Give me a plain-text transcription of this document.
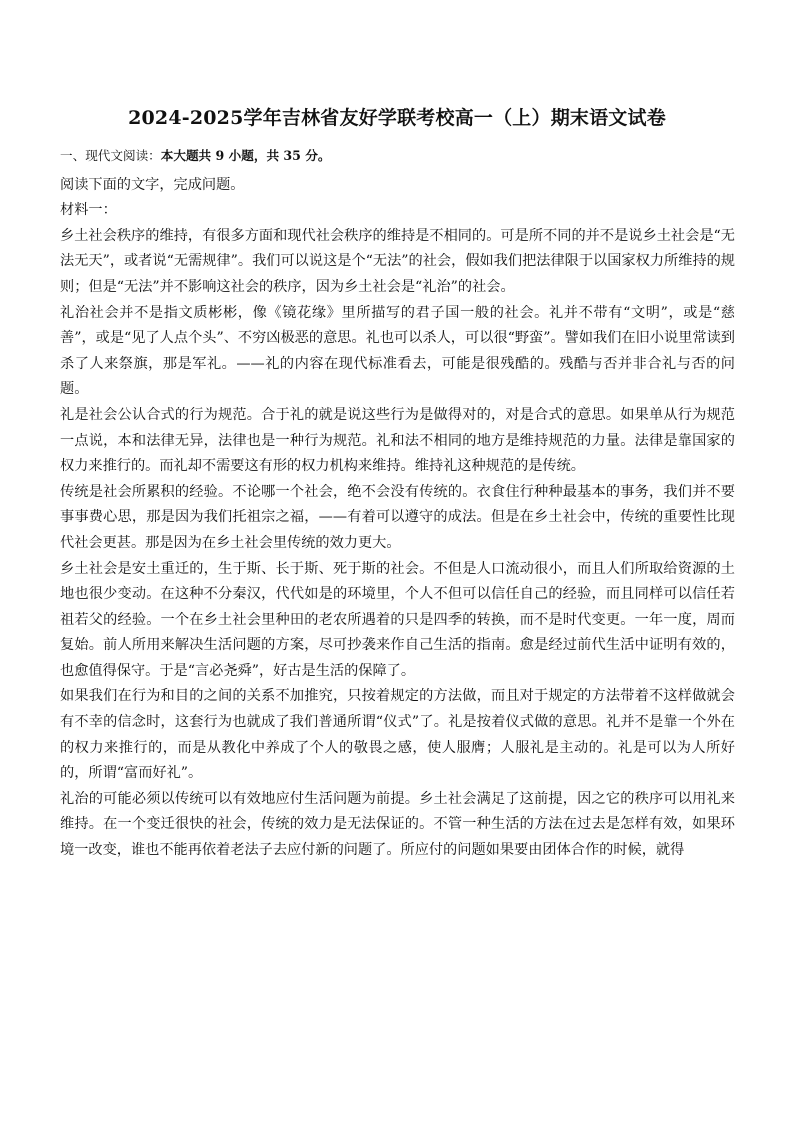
2024-2025学年吉林省友好学联考校高一（上）期末语文试卷

一、现代文阅读：本大题共 9 小题，共 35 分。

阅读下面的文字，完成问题。

材料一：

乡土社会秩序的维持，有很多方面和现代社会秩序的维持是不相同的。可是所不同的并不是说乡土社会是“无法无天”，或者说“无需规律”。我们可以说这是个“无法”的社会，假如我们把法律限于以国家权力所维持的规则；但是“无法”并不影响这社会的秩序，因为乡土社会是“礼治”的社会。

礼治社会并不是指文质彬彬，像《镜花缘》里所描写的君子国一般的社会。礼并不带有“文明”，或是“慈善”，或是“见了人点个头”、不穷凶极恶的意思。礼也可以杀人，可以很“野蛮”。譬如我们在旧小说里常读到杀了人来祭旗，那是军礼。——礼的内容在现代标准看去，可能是很残酷的。残酷与否并非合礼与否的问题。

礼是社会公认合式的行为规范。合于礼的就是说这些行为是做得对的，对是合式的意思。如果单从行为规范一点说，本和法律无异，法律也是一种行为规范。礼和法不相同的地方是维持规范的力量。法律是靠国家的权力来推行的。而礼却不需要这有形的权力机构来维持。维持礼这种规范的是传统。

传统是社会所累积的经验。不论哪一个社会，绝不会没有传统的。衣食住行种种最基本的事务，我们并不要事事费心思，那是因为我们托祖宗之福，——有着可以遵守的成法。但是在乡土社会中，传统的重要性比现代社会更甚。那是因为在乡土社会里传统的效力更大。

乡土社会是安土重迁的，生于斯、长于斯、死于斯的社会。不但是人口流动很小，而且人们所取给资源的土地也很少变动。在这种不分秦汉，代代如是的环境里，个人不但可以信任自己的经验，而且同样可以信任若祖若父的经验。一个在乡土社会里种田的老农所遇着的只是四季的转换，而不是时代变更。一年一度，周而复始。前人所用来解决生活问题的方案，尽可抄袭来作自己生活的指南。愈是经过前代生活中证明有效的，也愈值得保守。于是“言必尧舜”，好古是生活的保障了。

如果我们在行为和目的之间的关系不加推究，只按着规定的方法做，而且对于规定的方法带着不这样做就会有不幸的信念时，这套行为也就成了我们普通所谓“仪式”了。礼是按着仪式做的意思。礼并不是靠一个外在的权力来推行的，而是从教化中养成了个人的敬畏之感，使人服膺；人服礼是主动的。礼是可以为人所好的，所谓“富而好礼”。

礼治的可能必须以传统可以有效地应付生活问题为前提。乡土社会满足了这前提，因之它的秩序可以用礼来维持。在一个变迁很快的社会，传统的效力是无法保证的。不管一种生活的方法在过去是怎样有效，如果环境一改变，谁也不能再依着老法子去应付新的问题了。所应付的问题如果要由团体合作的时候，就得
